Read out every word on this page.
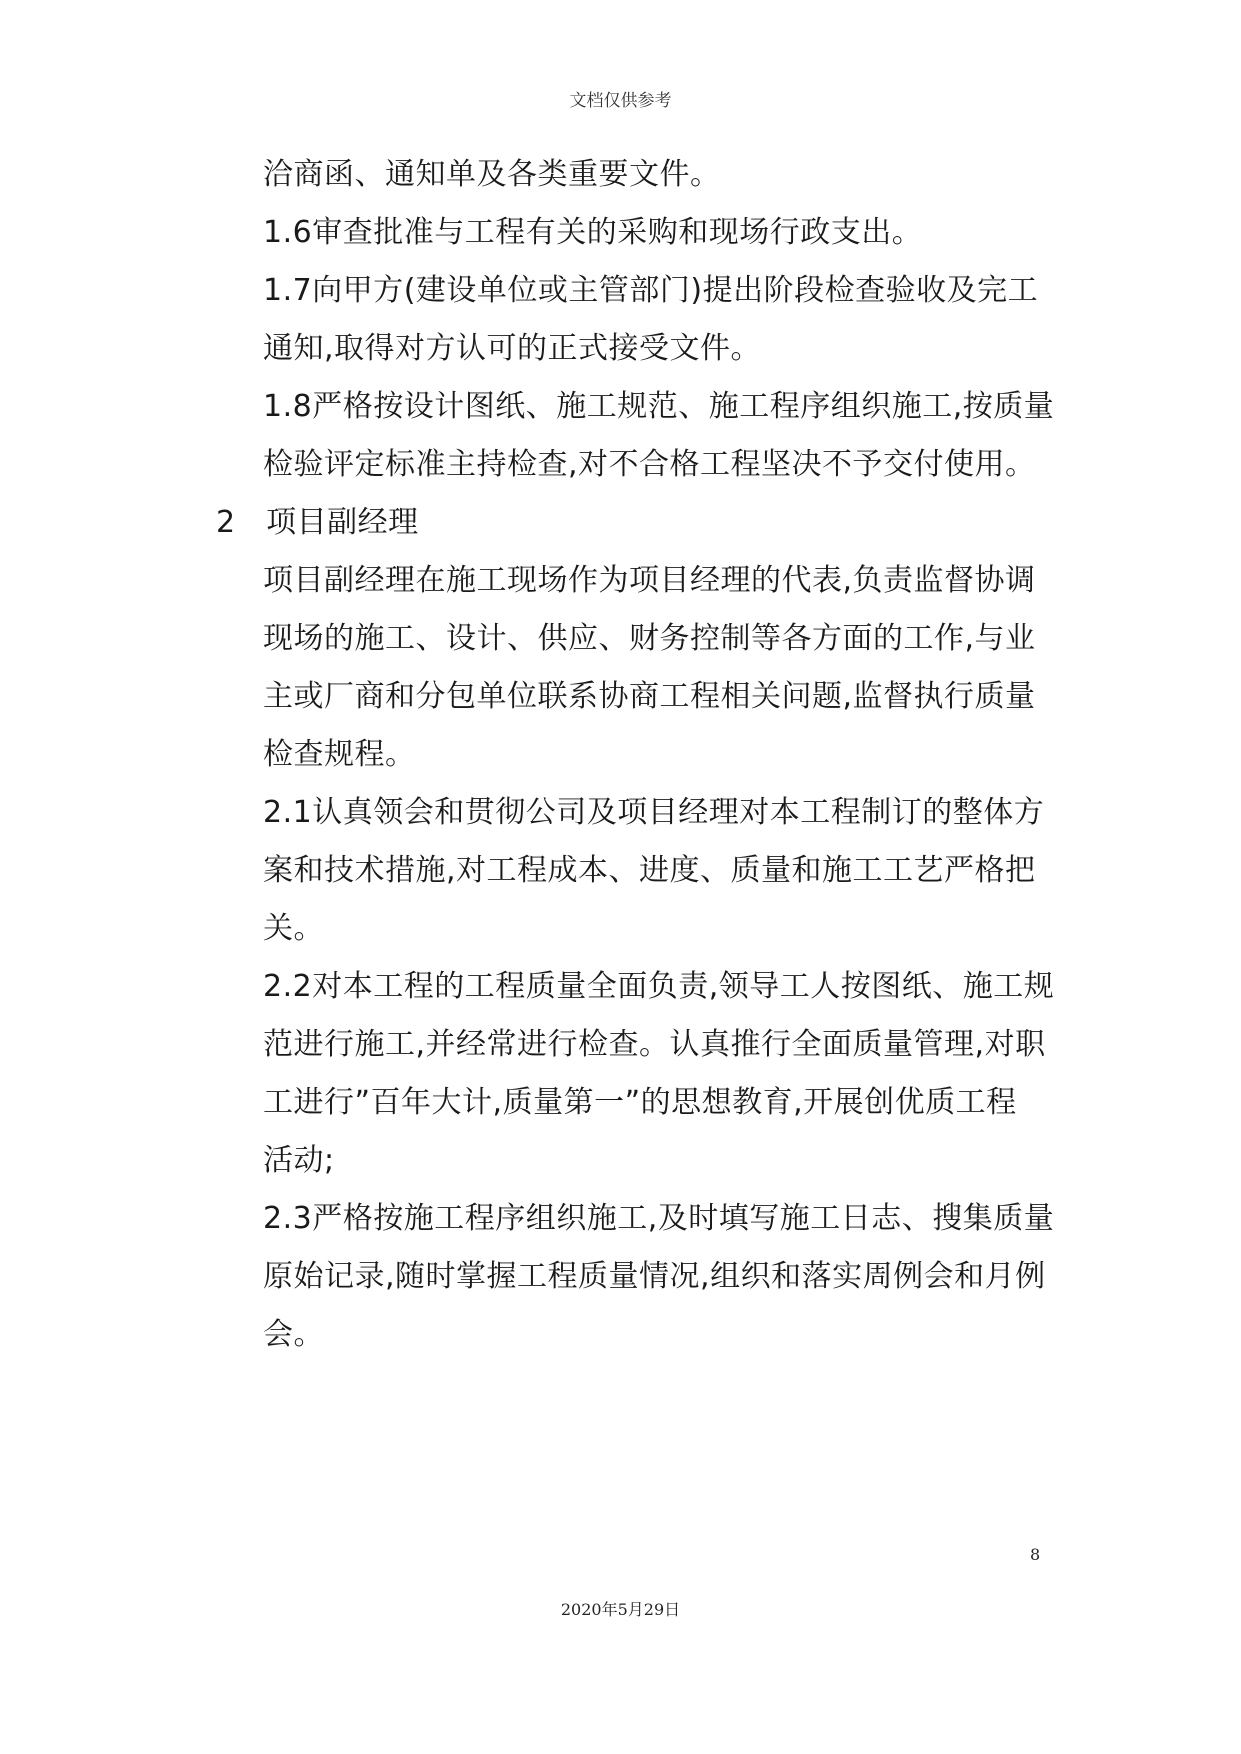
文档仅供参考
洽商函、通知单及各类重要文件。
1.6审查批准与工程有关的采购和现场行政支出。
1.7向甲方(建设单位或主管部门)提出阶段检查验收及完工
通知,取得对方认可的正式接受文件。
1.8严格按设计图纸、施工规范、施工程序组织施工,按质量
检验评定标准主持检查,对不合格工程坚决不予交付使用。
2　项目副经理
项目副经理在施工现场作为项目经理的代表,负责监督协调
现场的施工、设计、供应、财务控制等各方面的工作,与业
主或厂商和分包单位联系协商工程相关问题,监督执行质量
检查规程。
2.1认真领会和贯彻公司及项目经理对本工程制订的整体方
案和技术措施,对工程成本、进度、质量和施工工艺严格把
关。
2.2对本工程的工程质量全面负责,领导工人按图纸、施工规
范进行施工,并经常进行检查。认真推行全面质量管理,对职
工进行”百年大计,质量第一”的思想教育,开展创优质工程
活动;
2.3严格按施工程序组织施工,及时填写施工日志、搜集质量
原始记录,随时掌握工程质量情况,组织和落实周例会和月例
会。
8
2020年5月29日
